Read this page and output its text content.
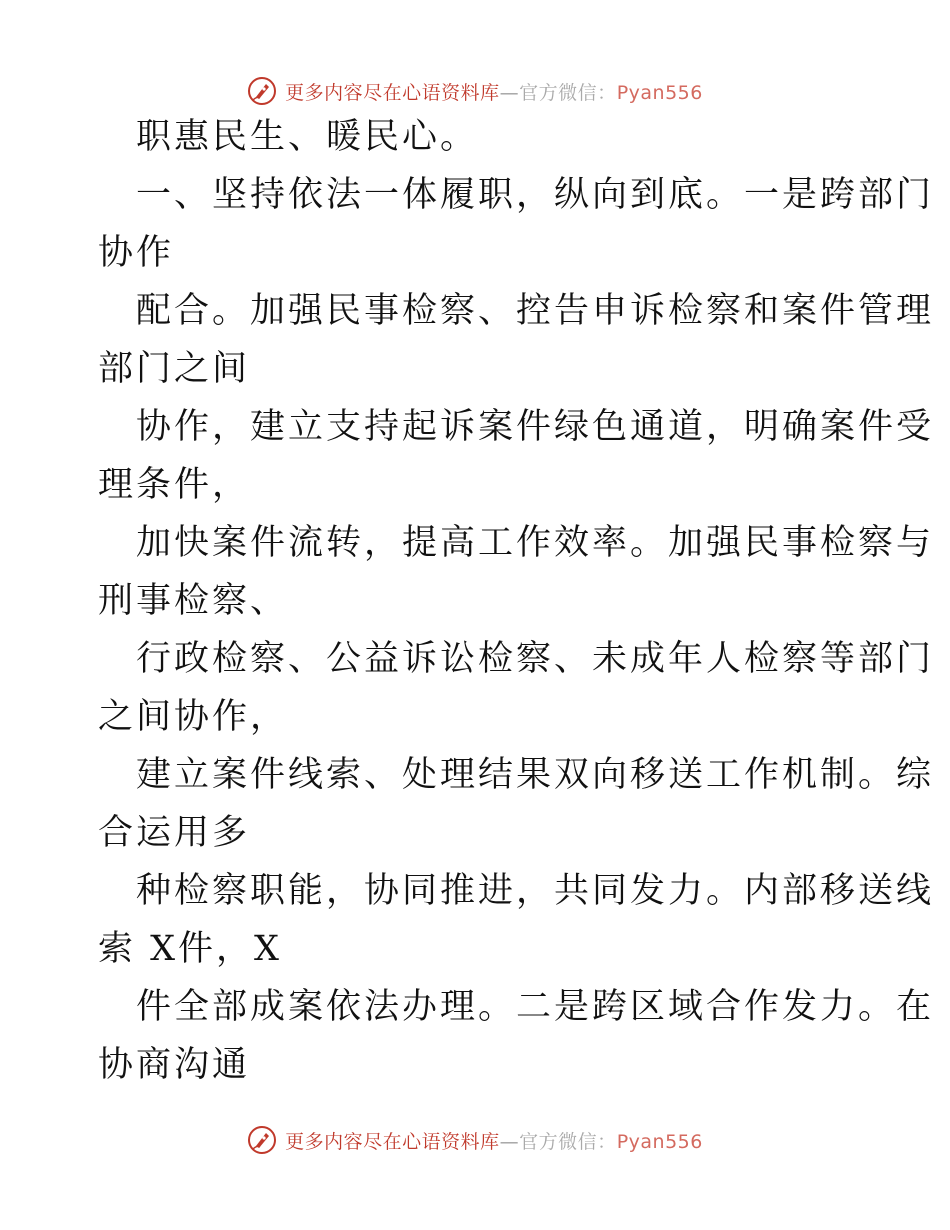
更多内容尽在心语资料库—官方微信：Pyan556
职惠民生、暖民心。
一、坚持依法一体履职，纵向到底。一是跨部门
协作
配合。加强民事检察、控告申诉检察和案件管理
部门之间
协作，建立支持起诉案件绿色通道，明确案件受
理条件，
加快案件流转，提高工作效率。加强民事检察与
刑事检察、
行政检察、公益诉讼检察、未成年人检察等部门
之间协作，
建立案件线索、处理结果双向移送工作机制。综
合运用多
种检察职能，协同推进，共同发力。内部移送线
索 X件，X
件全部成案依法办理。二是跨区域合作发力。在
协商沟通
更多内容尽在心语资料库—官方微信：Pyan556
